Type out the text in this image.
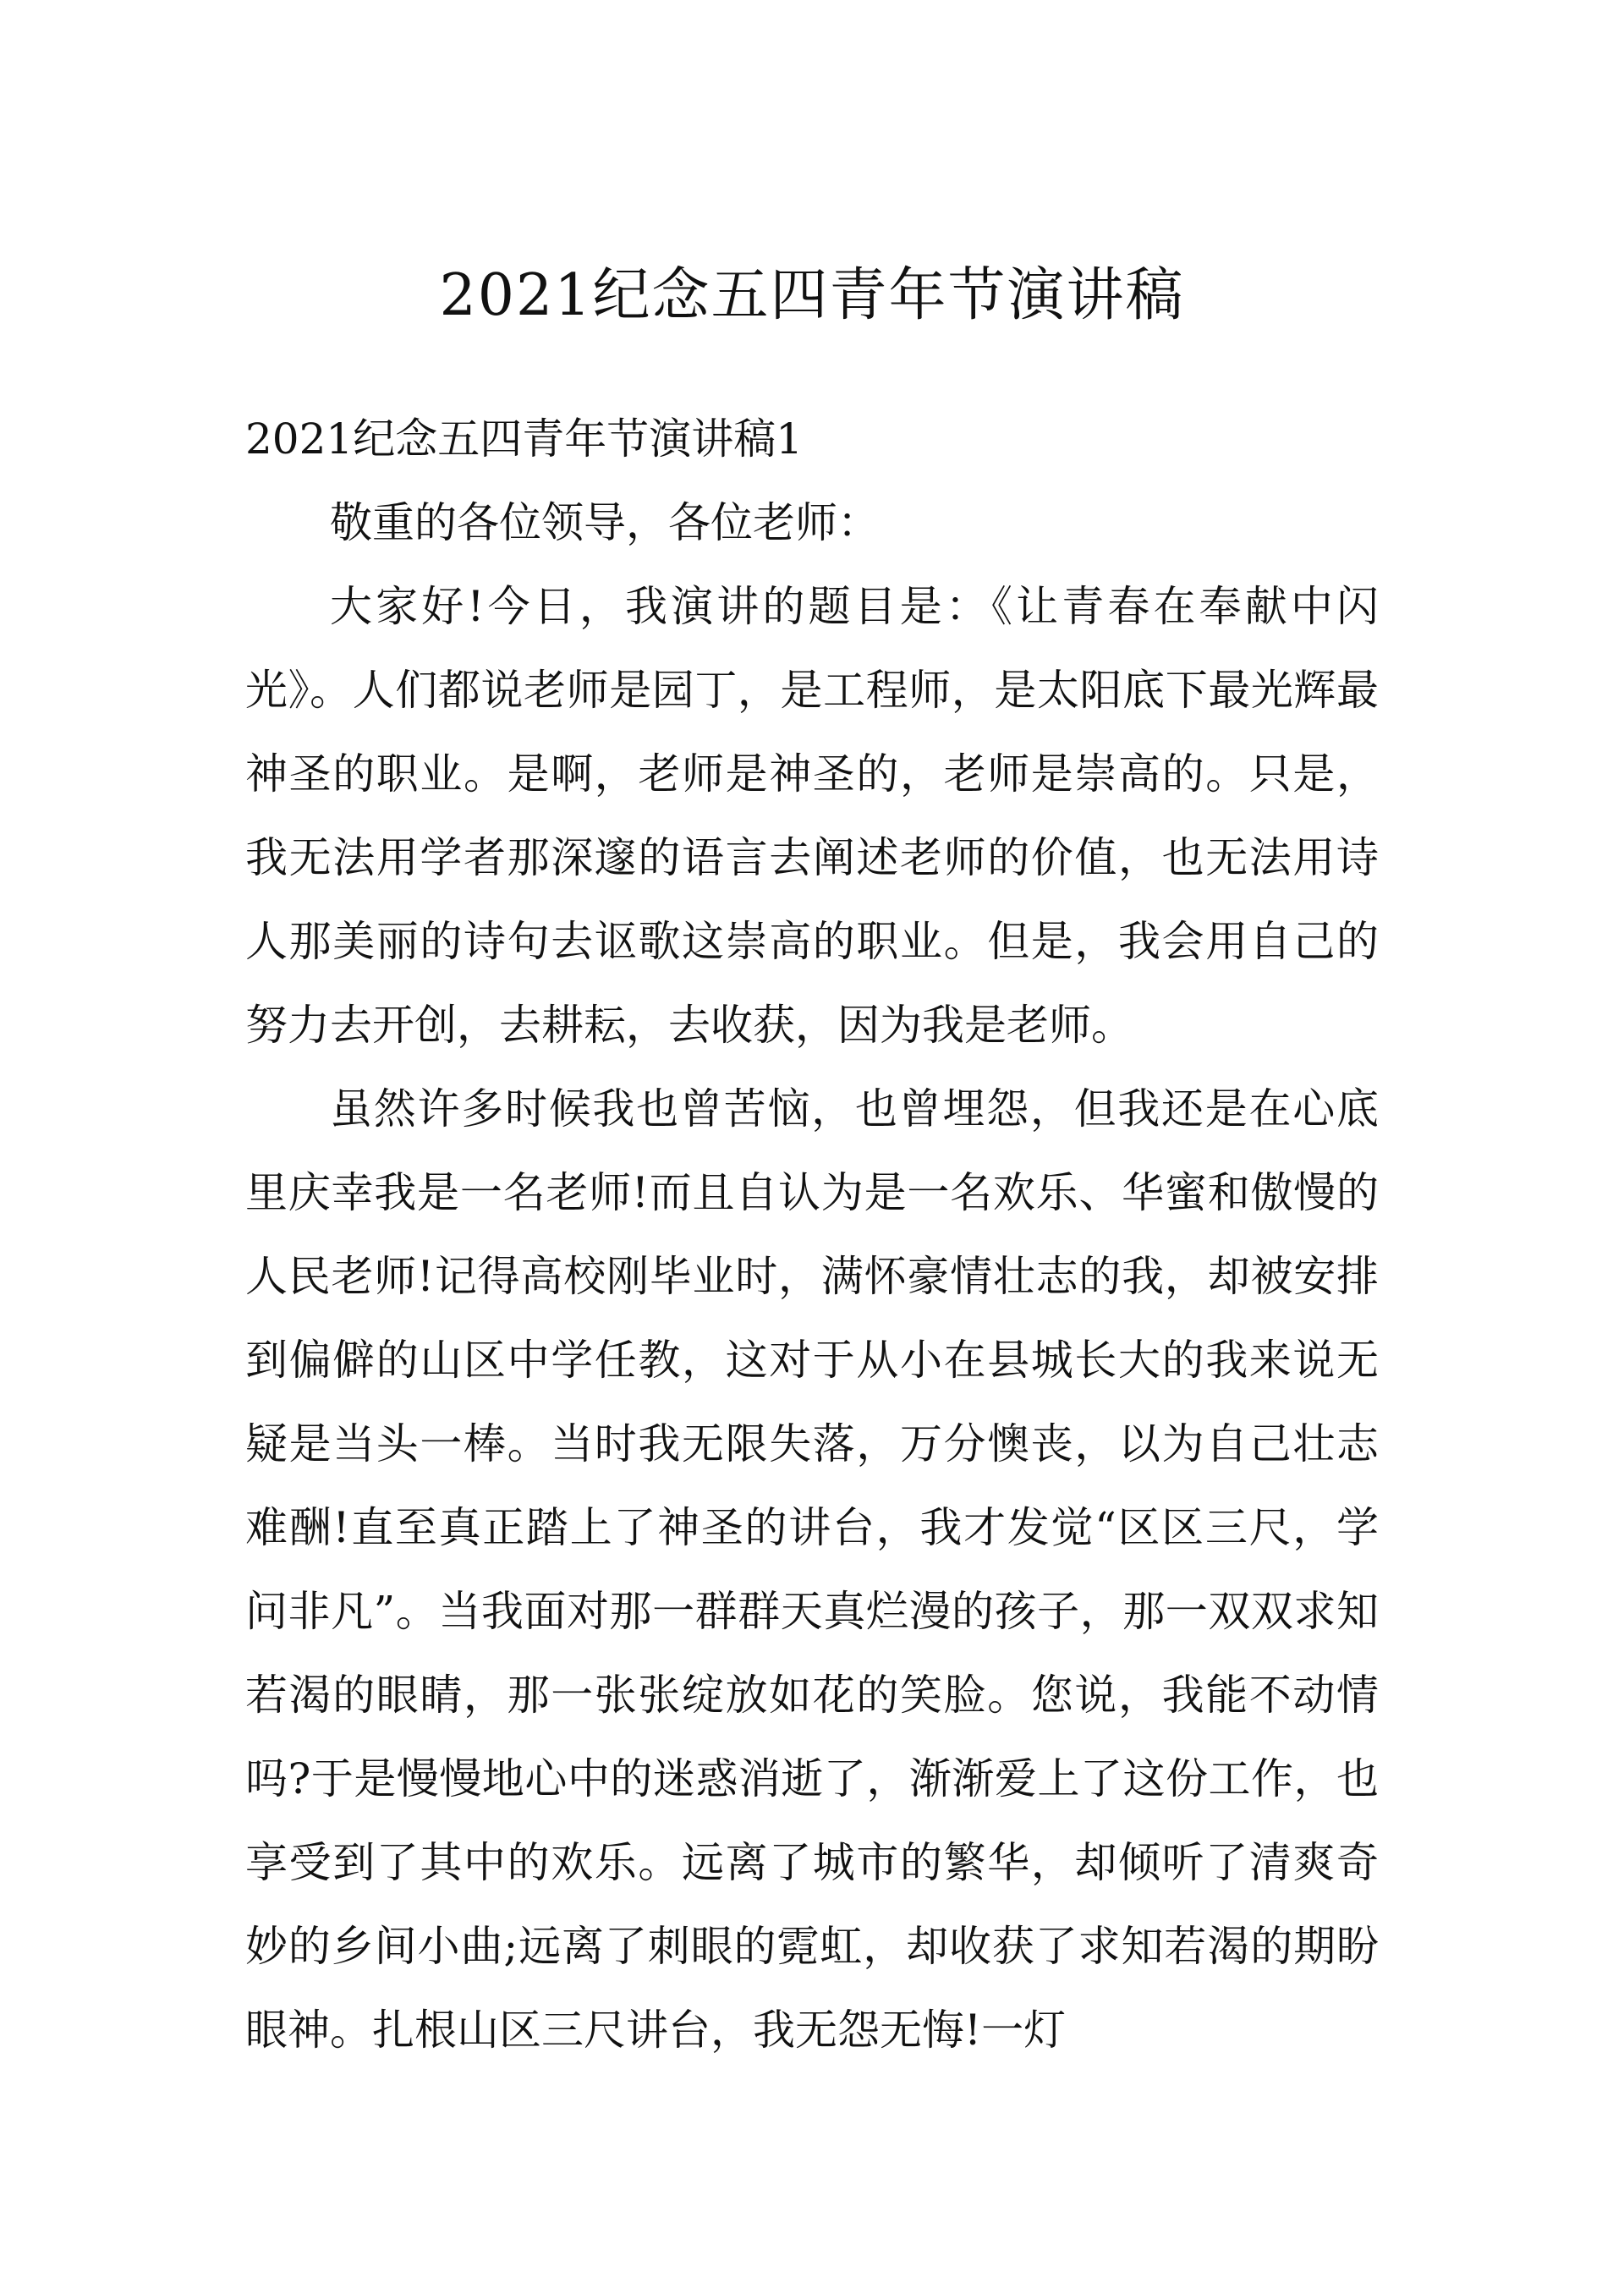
2021纪念五四青年节演讲稿

2021纪念五四青年节演讲稿1

敬重的各位领导，各位老师：

大家好!今日，我演讲的题目是：《让青春在奉献中闪光》。人们都说老师是园丁，是工程师，是太阳底下最光辉最神圣的职业。是啊，老师是神圣的，老师是崇高的。只是，我无法用学者那深邃的语言去阐述老师的价值，也无法用诗人那美丽的诗句去讴歌这崇高的职业。但是，我会用自己的努力去开创，去耕耘，去收获，因为我是老师。

虽然许多时候我也曾苦恼，也曾埋怨，但我还是在心底里庆幸我是一名老师!而且自认为是一名欢乐、华蜜和傲慢的人民老师!记得高校刚毕业时，满怀豪情壮志的我，却被安排到偏僻的山区中学任教，这对于从小在县城长大的我来说无疑是当头一棒。当时我无限失落，万分懊丧，以为自己壮志难酬!直至真正踏上了神圣的讲台，我才发觉“区区三尺，学问非凡”。当我面对那一群群天真烂漫的孩子，那一双双求知若渴的眼睛，那一张张绽放如花的笑脸。您说，我能不动情吗?于是慢慢地心中的迷惑消逝了，渐渐爱上了这份工作，也享受到了其中的欢乐。远离了城市的繁华，却倾听了清爽奇妙的乡间小曲;远离了刺眼的霓虹，却收获了求知若渴的期盼眼神。扎根山区三尺讲台，我无怨无悔!一灯
